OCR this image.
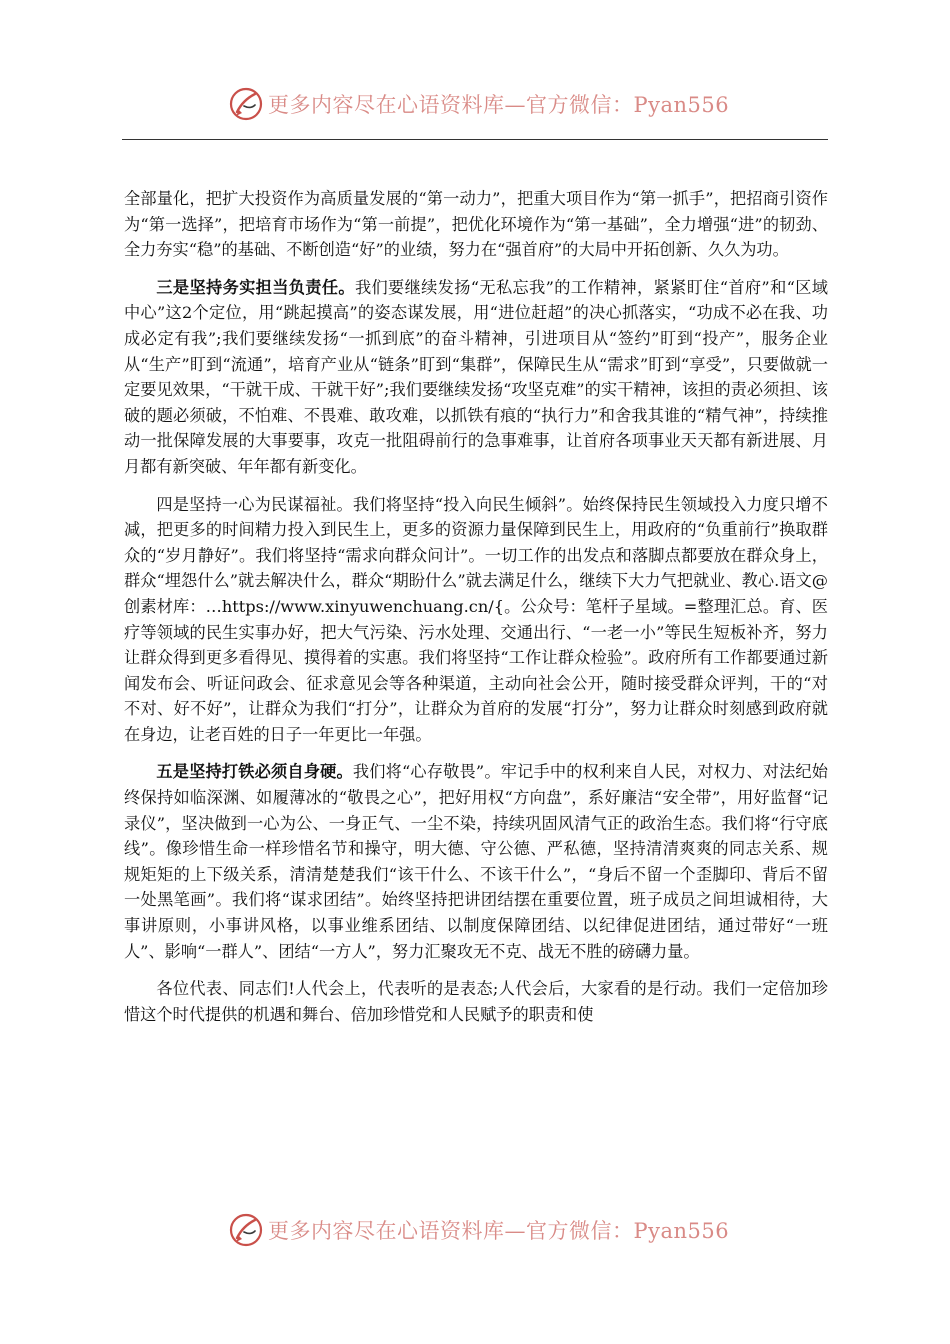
更多内容尽在心语资料库—官方微信：Pyan556

全部量化，把扩大投资作为高质量发展的“第一动力”，把重大项目作为“第一抓手”，把招商引资作为“第一选择”，把培育市场作为“第一前提”，把优化环境作为“第一基础”，全力增强“进”的韧劲、全力夯实“稳”的基础、不断创造“好”的业绩，努力在“强首府”的大局中开拓创新、久久为功。

三是坚持务实担当负责任。我们要继续发扬“无私忘我”的工作精神，紧紧盯住“首府”和“区域中心”这2个定位，用“跳起摸高”的姿态谋发展，用“进位赶超”的决心抓落实，“功成不必在我、功成必定有我”;我们要继续发扬“一抓到底”的奋斗精神，引进项目从“签约”盯到“投产”，服务企业从“生产”盯到“流通”，培育产业从“链条”盯到“集群”，保障民生从“需求”盯到“享受”，只要做就一定要见效果，“干就干成、干就干好”;我们要继续发扬“攻坚克难”的实干精神，该担的责必须担、该破的题必须破，不怕难、不畏难、敢攻难，以抓铁有痕的“执行力”和舍我其谁的“精气神”，持续推动一批保障发展的大事要事，攻克一批阻碍前行的急事难事，让首府各项事业天天都有新进展、月月都有新突破、年年都有新变化。

四是坚持一心为民谋福祉。我们将坚持“投入向民生倾斜”。始终保持民生领域投入力度只增不减，把更多的时间精力投入到民生上，更多的资源力量保障到民生上，用政府的“负重前行”换取群众的“岁月静好”。我们将坚持“需求向群众问计”。一切工作的出发点和落脚点都要放在群众身上，群众“埋怨什么”就去解决什么，群众“期盼什么”就去满足什么，继续下大力气把就业、教心.语文@创素材库：…https://www.xinyuwenchuang.cn/{。公众号：笔杆子星域。=整理汇总。育、医疗等领域的民生实事办好，把大气污染、污水处理、交通出行、“一老一小”等民生短板补齐，努力让群众得到更多看得见、摸得着的实惠。我们将坚持“工作让群众检验”。政府所有工作都要通过新闻发布会、听证问政会、征求意见会等各种渠道，主动向社会公开，随时接受群众评判，干的“对不对、好不好”，让群众为我们“打分”，让群众为首府的发展“打分”，努力让群众时刻感到政府就在身边，让老百姓的日子一年更比一年强。

五是坚持打铁必须自身硬。我们将“心存敬畏”。牢记手中的权利来自人民，对权力、对法纪始终保持如临深渊、如履薄冰的“敬畏之心”，把好用权“方向盘”，系好廉洁“安全带”，用好监督“记录仪”，坚决做到一心为公、一身正气、一尘不染，持续巩固风清气正的政治生态。我们将“行守底线”。像珍惜生命一样珍惜名节和操守，明大德、守公德、严私德，坚持清清爽爽的同志关系、规规矩矩的上下级关系，清清楚楚我们“该干什么、不该干什么”，“身后不留一个歪脚印、背后不留一处黑笔画”。我们将“谋求团结”。始终坚持把讲团结摆在重要位置，班子成员之间坦诚相待，大事讲原则，小事讲风格，以事业维系团结、以制度保障团结、以纪律促进团结，通过带好“一班人”、影响“一群人”、团结“一方人”，努力汇聚攻无不克、战无不胜的磅礴力量。

各位代表、同志们!人代会上，代表听的是表态;人代会后，大家看的是行动。我们一定倍加珍惜这个时代提供的机遇和舞台、倍加珍惜党和人民赋予的职责和使

更多内容尽在心语资料库—官方微信：Pyan556
